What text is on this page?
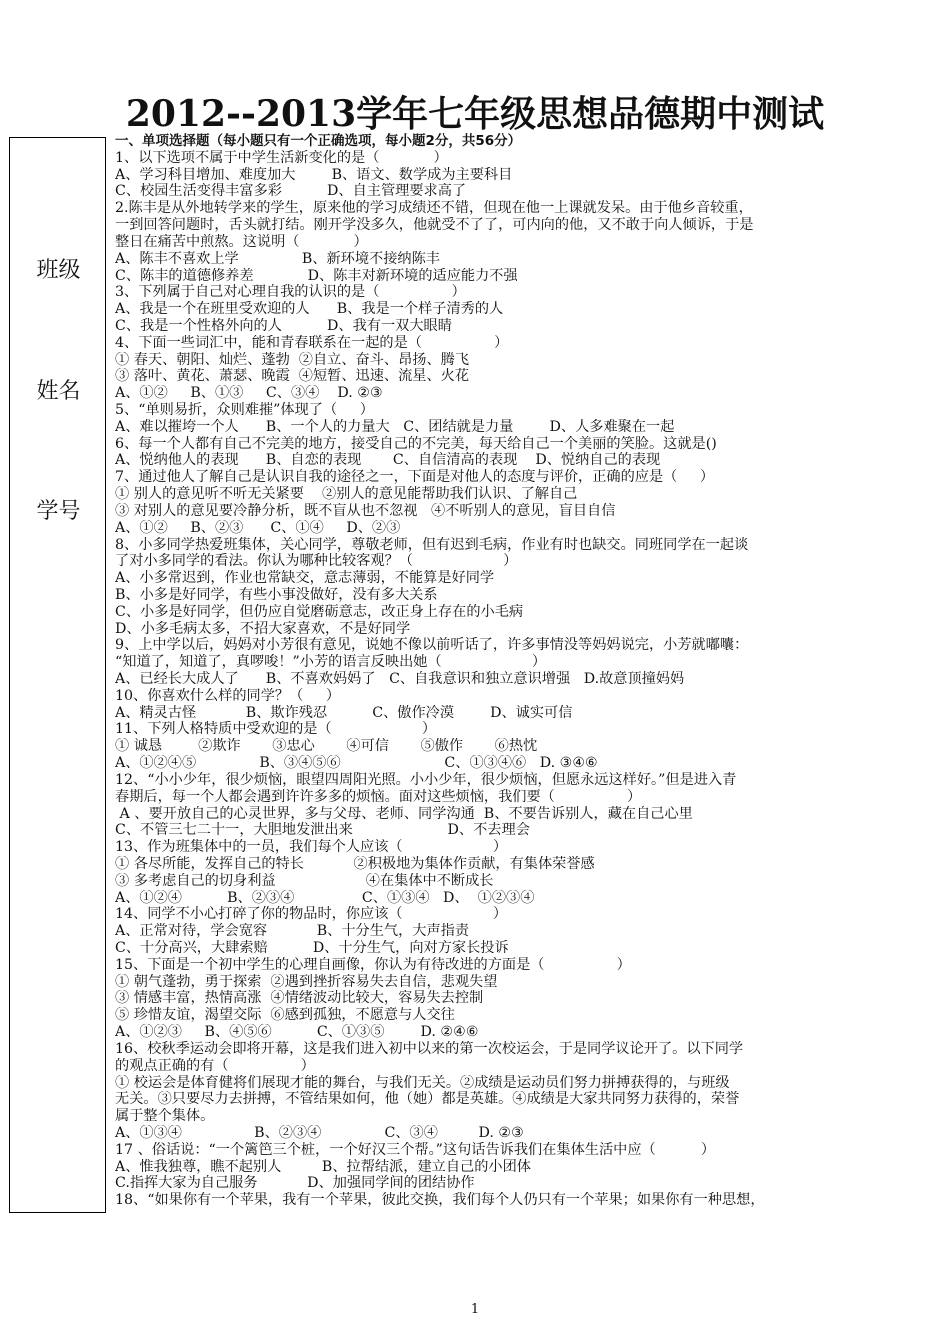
2012--2013学年七年级思想品德期中测试
班级
姓名
学号
一、单项选择题（每小题只有一个正确选项，每小题2分，共56分）
1、以下选项不属于中学生活新变化的是（            ）
A、学习科目增加、难度加大        B、语文、数学成为主要科目
C、校园生活变得丰富多彩          D、自主管理要求高了
2.陈丰是从外地转学来的学生，原来他的学习成绩还不错，但现在他一上课就发呆。由于他乡音较重，
一到回答问题时，舌头就打结。刚开学没多久，他就受不了了，可内向的他，又不敢于向人倾诉，于是
整日在痛苦中煎熬。这说明（            ）
A、陈丰不喜欢上学              B、新环境不接纳陈丰
C、陈丰的道德修养差            D、陈丰对新环境的适应能力不强
3、下列属于自己对心理自我的认识的是（                ）
A、我是一个在班里受欢迎的人      B、我是一个样子清秀的人
C、我是一个性格外向的人          D、我有一双大眼睛
4、下面一些词汇中，能和青春联系在一起的是（                ）
① 春天、朝阳、灿烂、蓬勃  ②自立、奋斗、昂扬、腾飞
③ 落叶、黄花、萧瑟、晚霞  ④短暂、迅速、流星、火花
A、①②     B、①③     C、③④    D. ②③
5、“单则易折，众则难摧”体现了（     ）
A、难以摧垮一个人      B、一个人的力量大   C、团结就是力量        D、人多难聚在一起
6、每一个人都有自己不完美的地方，接受自己的不完美，每天给自己一个美丽的笑脸。这就是()
A、悦纳他人的表现      B、自恋的表现       C、自信清高的表现    D、悦纳自己的表现
7、通过他人了解自己是认识自我的途径之一，下面是对他人的态度与评价，正确的应是（     ）
① 别人的意见听不听无关紧要    ②别人的意见能帮助我们认识、了解自己
③ 对别人的意见要冷静分析，既不盲从也不忽视   ④不听别人的意见，盲目自信
A、①②     B、②③      C、①④     D、②③
8、小多同学热爱班集体，关心同学，尊敬老师，但有迟到毛病，作业有时也缺交。同班同学在一起谈
了对小多同学的看法。你认为哪种比较客观？（                    ）
A、小多常迟到，作业也常缺交，意志薄弱，不能算是好同学
B、小多是好同学，有些小事没做好，没有多大关系
C、小多是好同学，但仍应自觉磨砺意志，改正身上存在的小毛病
D、小多毛病太多，不招大家喜欢，不是好同学
9、上中学以后，妈妈对小芳很有意见，说她不像以前听话了，许多事情没等妈妈说完，小芳就嘟囔：
“知道了，知道了，真啰唆！”小芳的语言反映出她（                    ）
A、已经长大成人了      B、不喜欢妈妈了   C、自我意识和独立意识增强   D.故意顶撞妈妈
10、你喜欢什么样的同学？（     ）
A、精灵古怪           B、欺诈残忍          C、傲作冷漠        D、诚实可信
11、下列人格特质中受欢迎的是（                    ）
① 诚恳        ②欺诈       ③忠心       ④可信       ⑤傲作       ⑥热忱
A、①②④⑤              B、③④⑤⑥                       C、①③④⑥   D. ③④⑥
12、“小小少年，很少烦恼，眼望四周阳光照。小小少年，很少烦恼，但愿永远这样好。”但是进入青
春期后，每一个人都会遇到许许多多的烦恼。面对这些烦恼，我们要（                ）
A 、要开放自己的心灵世界，多与父母、老师、同学沟通  B、不要告诉别人，藏在自己心里
C、不管三七二十一，大胆地发泄出来                     D、不去理会
13、作为班集体中的一员，我们每个人应该（                    ）
① 各尽所能，发挥自己的特长           ②积极地为集体作贡献，有集体荣誉感
③ 多考虑自己的切身利益                    ④在集体中不断成长
A、①②④          B、②③④               C、①③④   D、  ①②③④
14、同学不小心打碎了你的物品时，你应该（                    ）
A、正常对待，学会宽容           B、十分生气，大声指责
C、十分高兴，大肆索赔          D、十分生气，向对方家长投诉
15、下面是一个初中学生的心理自画像，你认为有待改进的方面是（                ）
① 朝气蓬勃，勇于探索  ②遇到挫折容易失去自信，悲观失望
③ 情感丰富，热情高涨  ④情绪波动比较大，容易失去控制
⑤ 珍惜友谊，渴望交际  ⑥感到孤独，不愿意与人交往
A、①②③     B、④⑤⑥          C、①③⑤        D. ②④⑥
16、校秋季运动会即将开幕，这是我们进入初中以来的第一次校运会，于是同学议论开了。以下同学
的观点正确的有（                ）
① 校运会是体育健将们展现才能的舞台，与我们无关。②成绩是运动员们努力拼搏获得的，与班级
无关。③只要尽力去拼搏，不管结果如何，他（她）都是英雄。④成绩是大家共同努力获得的，荣誉
属于整个集体。
A、①③④                B、②③④              C、③④         D. ②③
17 、俗话说：“一个篱笆三个桩，一个好汉三个帮。”这句话告诉我们在集体生活中应（          ）
A、惟我独尊，瞧不起别人         B、拉帮结派，建立自己的小团体
C.指挥大家为自己服务           D、加强同学间的团结协作
18、“如果你有一个苹果，我有一个苹果，彼此交换，我们每个人仍只有一个苹果；如果你有一种思想，
1
